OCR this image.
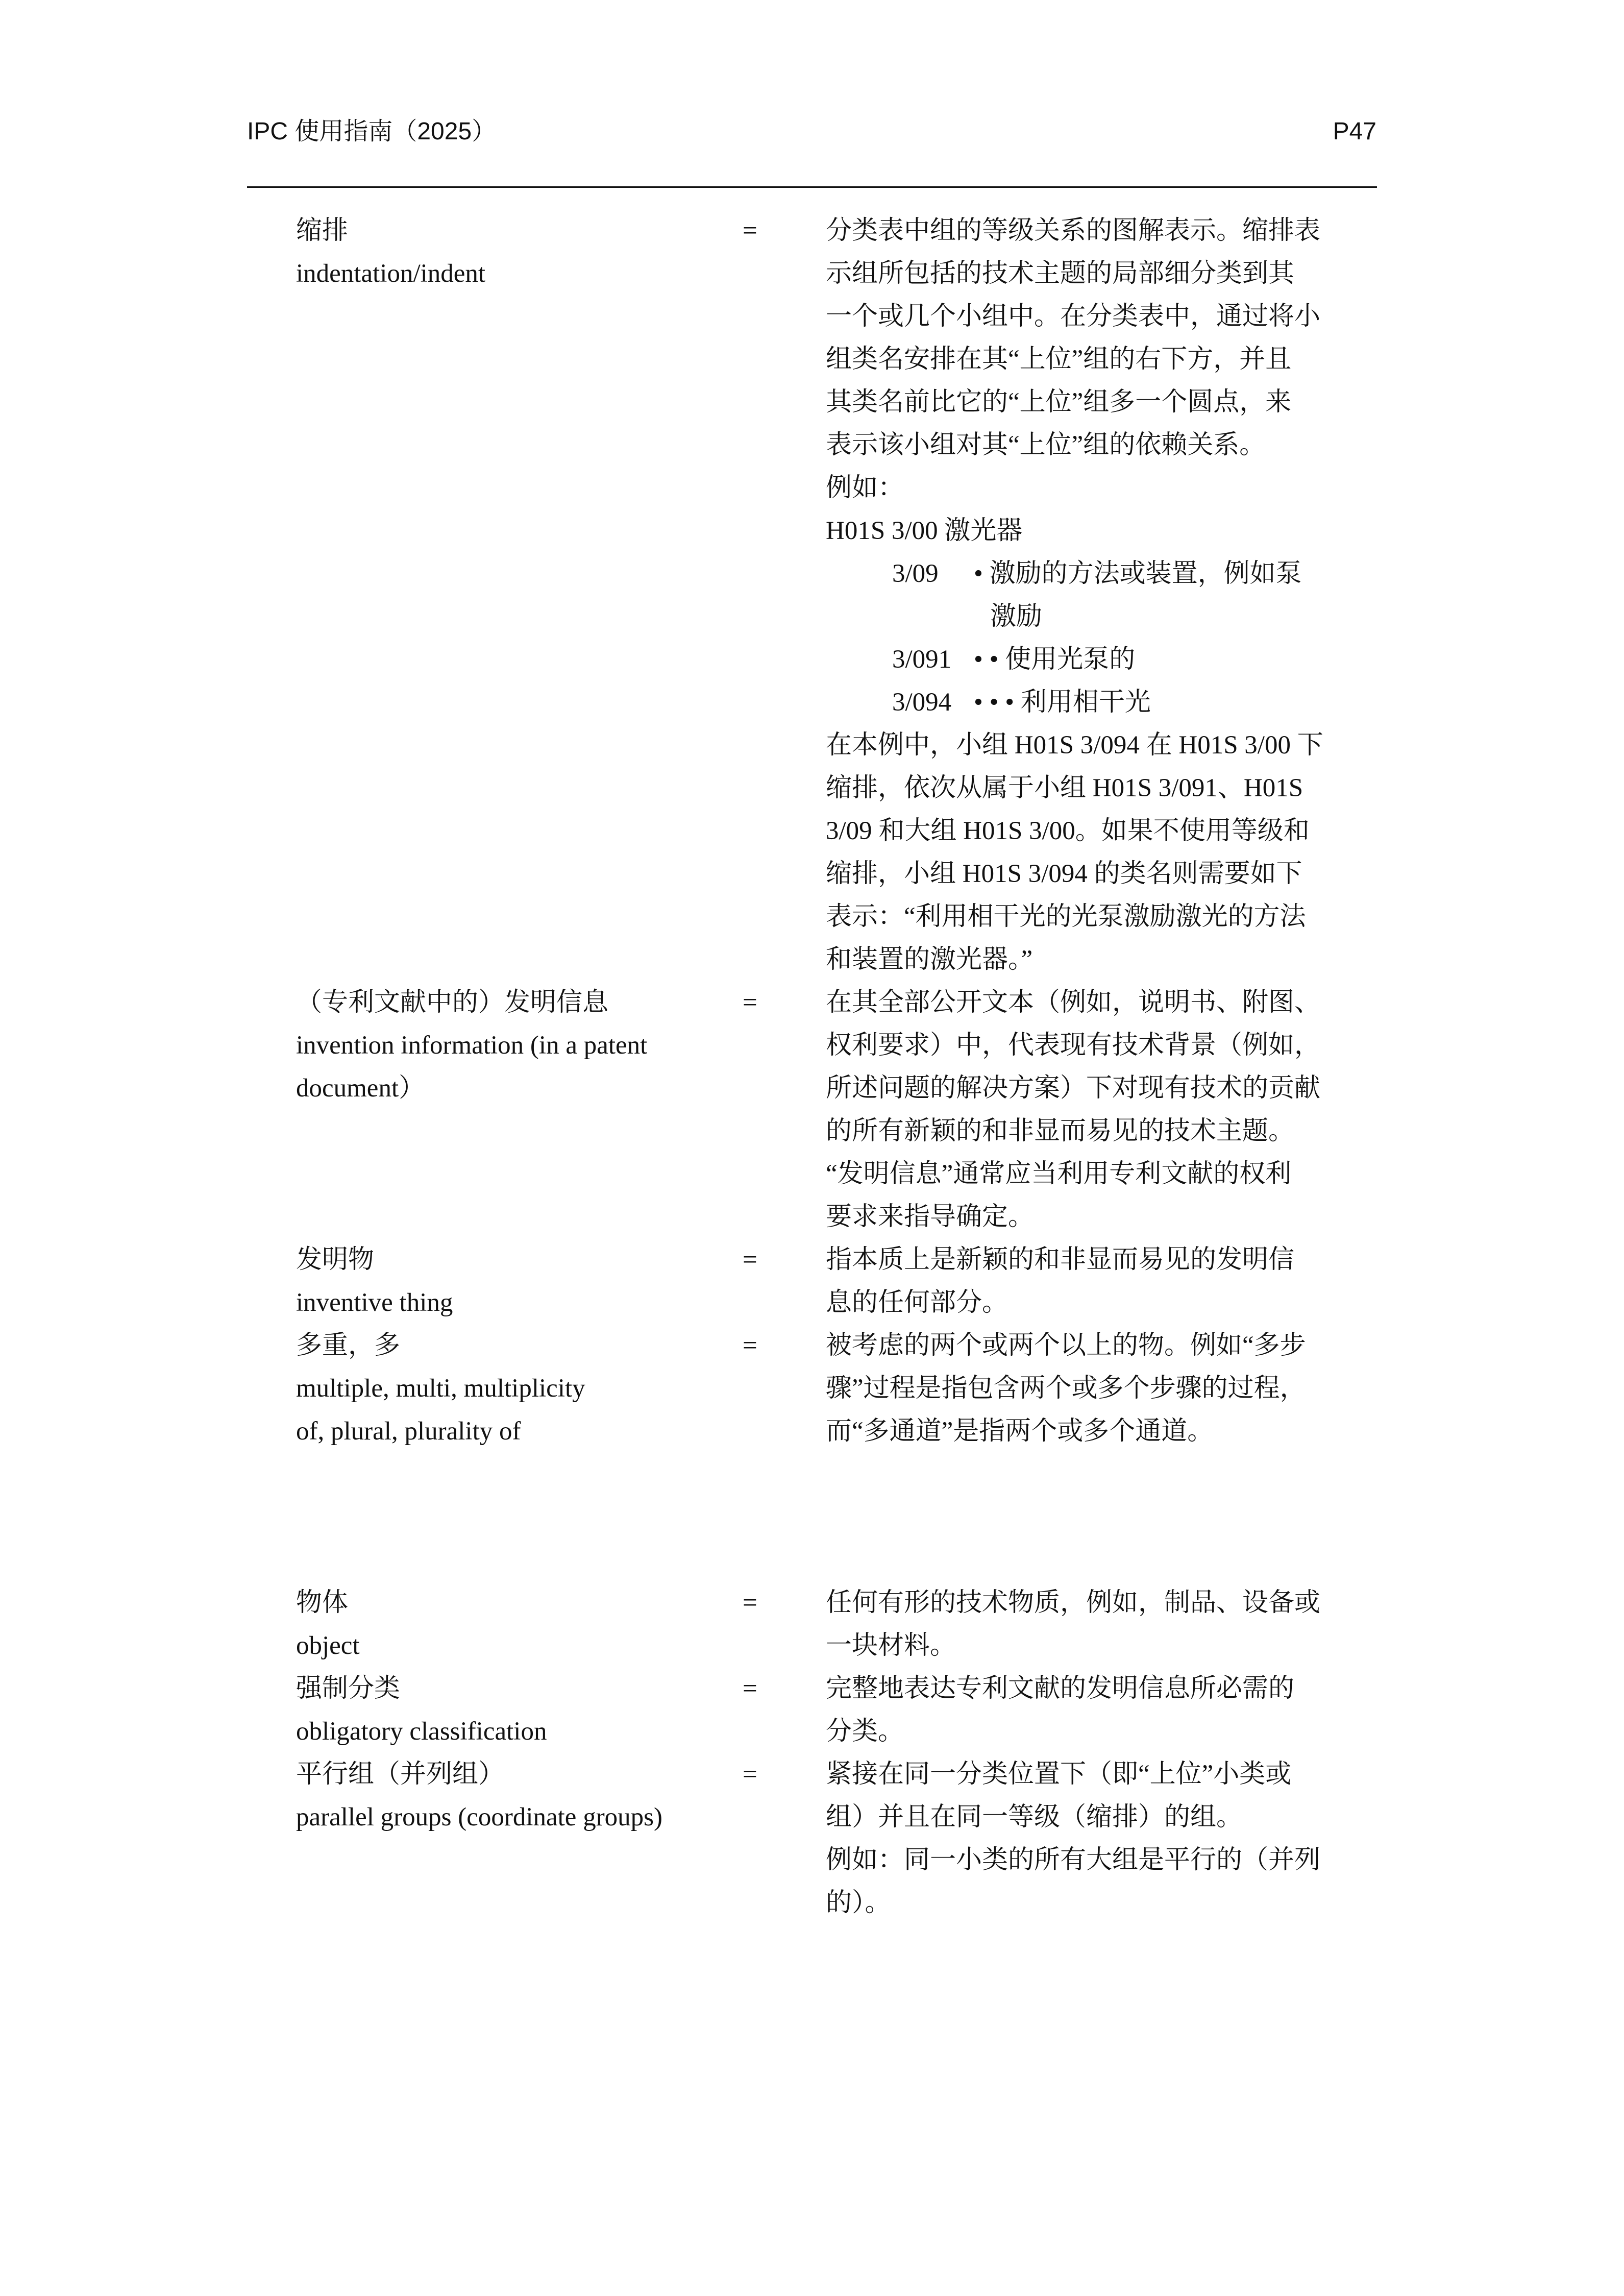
IPC 使用指南（2025）	P47
缩排
indentation/indent
=	分类表中组的等级关系的图解表示。缩排表
示组所包括的技术主题的局部细分类到其
一个或几个小组中。在分类表中，通过将小
组类名安排在其“上位”组的右下方，并且
其类名前比它的“上位”组多一个圆点，来
表示该小组对其“上位”组的依赖关系。
例如：
H01S 3/00 激光器
3/09 • 激励的方法或装置，例如泵
激励
3/091 • • 使用光泵的
3/094 • • • 利用相干光
在本例中，小组 H01S 3/094 在 H01S 3/00 下
缩排，依次从属于小组 H01S 3/091、H01S
3/09 和大组 H01S 3/00。如果不使用等级和
缩排，小组 H01S 3/094 的类名则需要如下
表示：“利用相干光的光泵激励激光的方法
和装置的激光器。”
（专利文献中的）发明信息
invention information (in a patent
document）
=	在其全部公开文本（例如，说明书、附图、
权利要求）中，代表现有技术背景（例如，
所述问题的解决方案）下对现有技术的贡献
的所有新颖的和非显而易见的技术主题。
“发明信息”通常应当利用专利文献的权利
要求来指导确定。
发明物
inventive thing
=	指本质上是新颖的和非显而易见的发明信
息的任何部分。
多重，多
multiple, multi, multiplicity
of, plural, plurality of
=	被考虑的两个或两个以上的物。例如“多步
骤”过程是指包含两个或多个步骤的过程，
而“多通道”是指两个或多个通道。
物体
object
=	任何有形的技术物质，例如，制品、设备或
一块材料。
强制分类
obligatory classification
=	完整地表达专利文献的发明信息所必需的
分类。
平行组（并列组）
parallel groups (coordinate groups)
=	紧接在同一分类位置下（即“上位”小类或
组）并且在同一等级（缩排）的组。
例如：同一小类的所有大组是平行的（并列
的）。
